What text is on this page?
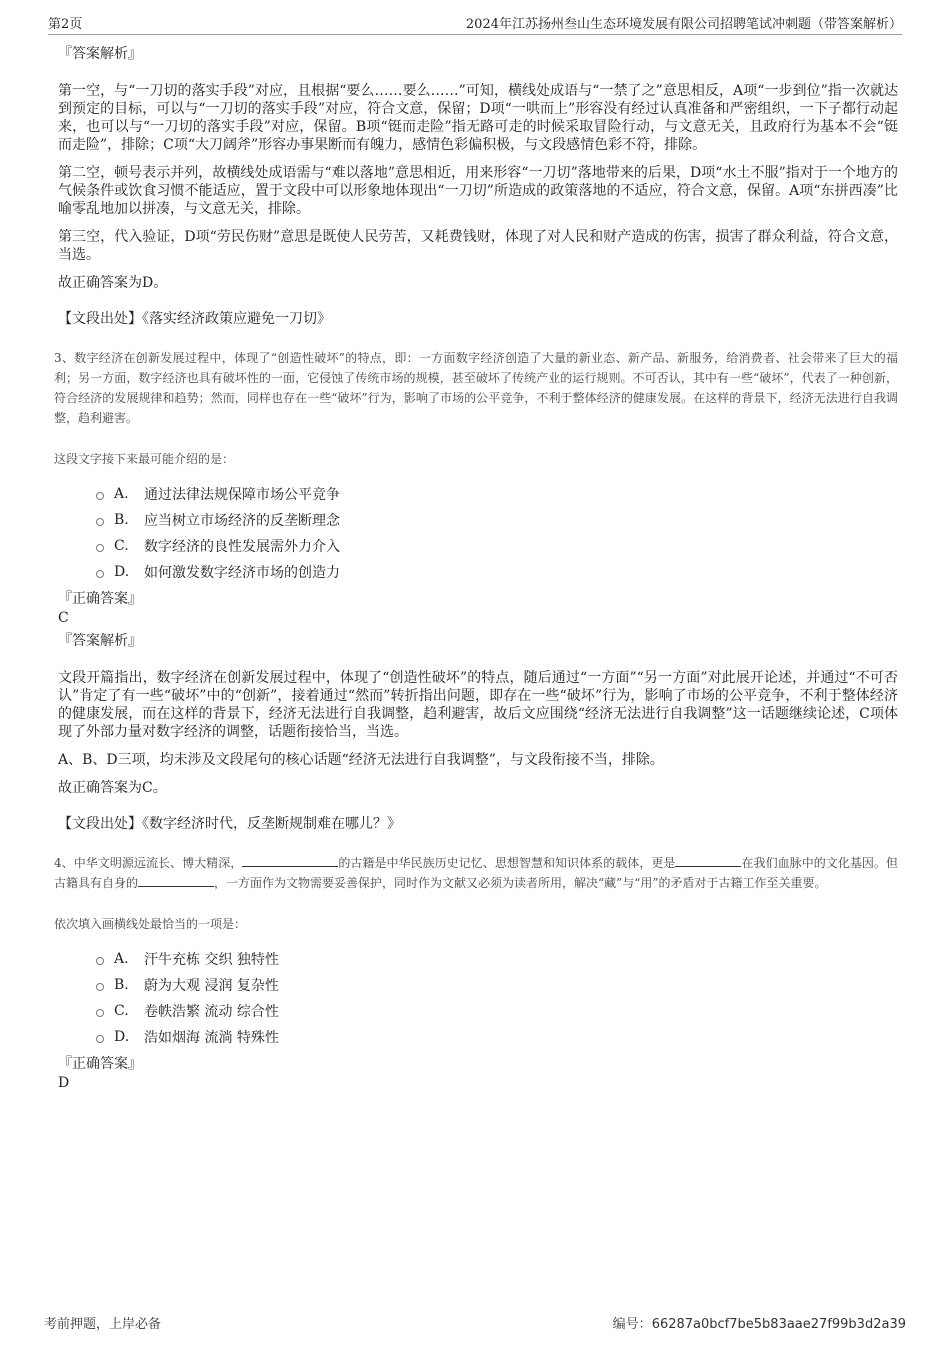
第2页	2024年江苏扬州叁山生态环境发展有限公司招聘笔试冲刺题（带答案解析）
『答案解析』
第一空，与“一刀切的落实手段”对应，且根据“要么……要么……”可知，横线处成语与“一禁了之”意思相反，A项“一步到位”指一次就达到预定的目标，可以与“一刀切的落实手段”对应，符合文意，保留；D项“一哄而上”形容没有经过认真准备和严密组织，一下子都行动起来，也可以与“一刀切的落实手段”对应，保留。B项“铤而走险”指无路可走的时候采取冒险行动，与文意无关，且政府行为基本不会“铤而走险”，排除；C项“大刀阔斧”形容办事果断而有魄力，感情色彩偏积极，与文段感情色彩不符，排除。
第二空，顿号表示并列，故横线处成语需与“难以落地”意思相近，用来形容“一刀切”落地带来的后果，D项“水土不服”指对于一个地方的气候条件或饮食习惯不能适应，置于文段中可以形象地体现出“一刀切”所造成的政策落地的不适应，符合文意，保留。A项“东拼西凑”比喻零乱地加以拼凑，与文意无关，排除。
第三空，代入验证，D项“劳民伤财”意思是既使人民劳苦，又耗费钱财，体现了对人民和财产造成的伤害，损害了群众利益，符合文意，当选。
故正确答案为D。
【文段出处】《落实经济政策应避免一刀切》
3、数字经济在创新发展过程中，体现了“创造性破坏”的特点，即：一方面数字经济创造了大量的新业态、新产品、新服务，给消费者、社会带来了巨大的福利；另一方面，数字经济也具有破坏性的一面，它侵蚀了传统市场的规模，甚至破坏了传统产业的运行规则。不可否认，其中有一些“破坏”，代表了一种创新，符合经济的发展规律和趋势；然而，同样也存在一些“破坏”行为，影响了市场的公平竞争，不利于整体经济的健康发展。在这样的背景下，经济无法进行自我调整，趋利避害。
这段文字接下来最可能介绍的是：
A.	通过法律法规保障市场公平竞争
B.	应当树立市场经济的反垄断理念
C.	数字经济的良性发展需外力介入
D.	如何激发数字经济市场的创造力
『正确答案』
C
『答案解析』
文段开篇指出，数字经济在创新发展过程中，体现了“创造性破坏”的特点，随后通过“一方面”“另一方面”对此展开论述，并通过“不可否认”肯定了有一些“破坏”中的“创新”，接着通过“然而”转折指出问题，即存在一些“破坏”行为，影响了市场的公平竞争，不利于整体经济的健康发展，而在这样的背景下，经济无法进行自我调整，趋利避害，故后文应围绕“经济无法进行自我调整”这一话题继续论述，C项体现了外部力量对数字经济的调整，话题衔接恰当，当选。
A、B、D三项，均未涉及文段尾句的核心话题“经济无法进行自我调整”，与文段衔接不当，排除。
故正确答案为C。
【文段出处】《数字经济时代，反垄断规制难在哪儿？》
4、中华文明源远流长、博大精深，	的古籍是中华民族历史记忆、思想智慧和知识体系的载体，更是	在我们血脉中的文化基因。但古籍具有自身的	，一方面作为文物需要妥善保护，同时作为文献又必须为读者所用，解决“藏”与“用”的矛盾对于古籍工作至关重要。
依次填入画横线处最恰当的一项是：
A.	汗牛充栋 交织 独特性
B.	蔚为大观 浸润 复杂性
C.	卷帙浩繁 流动 综合性
D.	浩如烟海 流淌 特殊性
『正确答案』
D
考前押题，上岸必备	编号：66287a0bcf7be5b83aae27f99b3d2a39
